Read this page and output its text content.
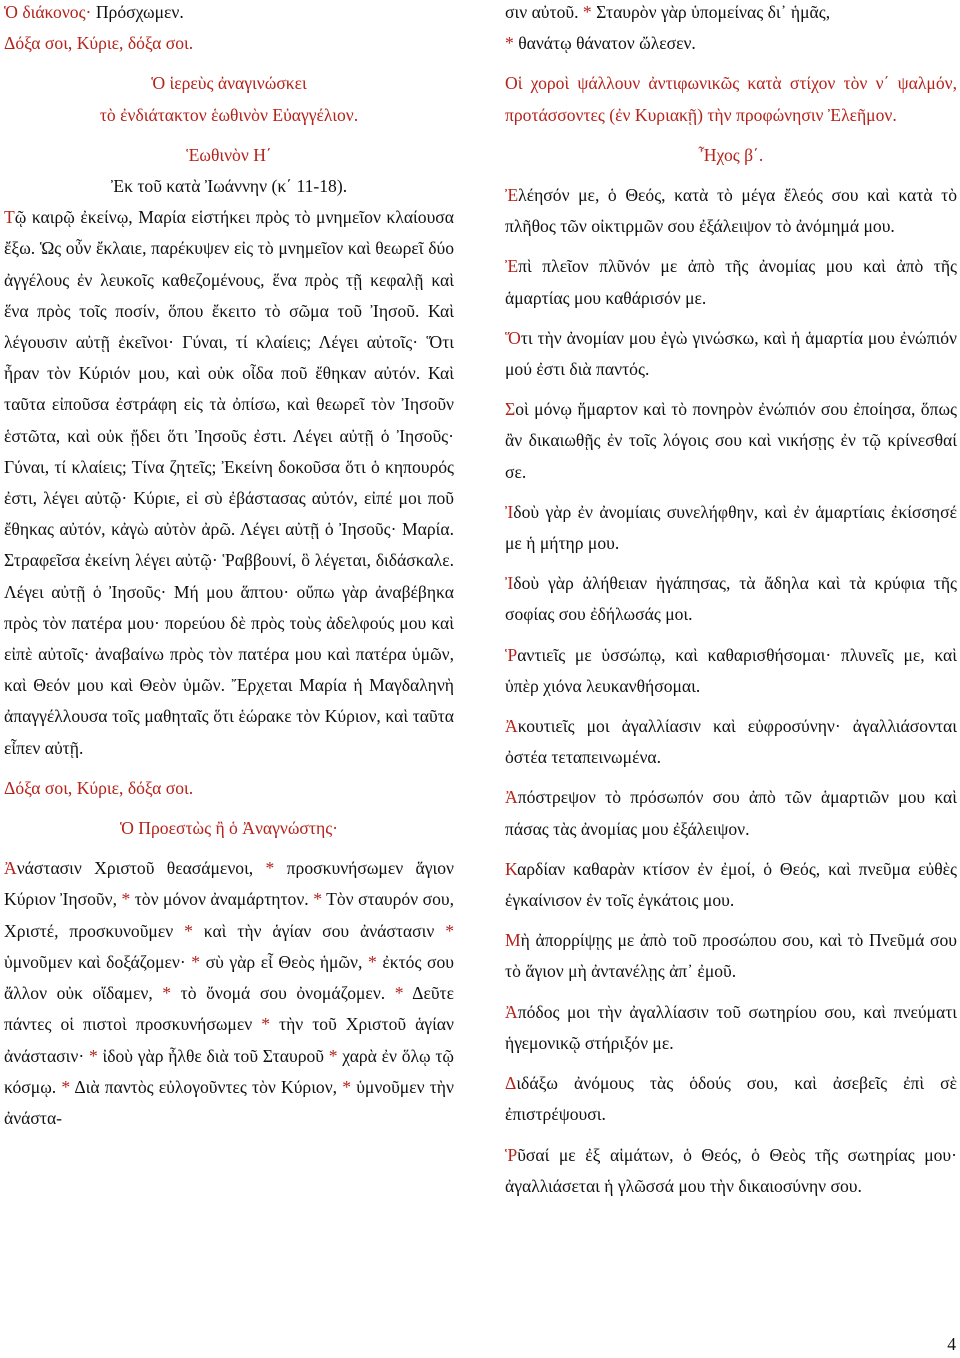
Ὁ διάκονος· Πρόσχωμεν.

Δόξα σοι, Κύριε, δόξα σοι.

Ὁ ἱερεὺς ἀναγινώσκει

τὸ ἐνδιάτακτον ἑωθινὸν Εὐαγγέλιον.

Ἑωθινὸν Η΄

Ἐκ τοῦ κατὰ Ἰωάννην (κ΄ 11-18).

Τῷ καιρῷ ἐκείνῳ, Μαρία εἱστήκει πρὸς τὸ μνημεῖον κλαίουσα ἔξω. Ὡς οὖν ἔκλαιε, παρέκυψεν εἰς τὸ μνημεῖον καὶ θεωρεῖ δύο ἀγγέλους ἐν λευκοῖς καθεζομένους, ἕνα πρὸς τῇ κεφαλῇ καὶ ἕνα πρὸς τοῖς ποσίν, ὅπου ἔκειτο τὸ σῶμα τοῦ Ἰησοῦ. Καὶ λέγουσιν αὐτῇ ἐκεῖνοι· Γύναι, τί κλαίεις; Λέγει αὐτοῖς· Ὅτι ἦραν τὸν Κύριόν μου, καὶ οὐκ οἶδα ποῦ ἔθηκαν αὐτόν. Καὶ ταῦτα εἰποῦσα ἐστράφη εἰς τὰ ὀπίσω, καὶ θεωρεῖ τὸν Ἰησοῦν ἑστῶτα, καὶ οὐκ ᾔδει ὅτι Ἰησοῦς ἐστι. Λέγει αὐτῇ ὁ Ἰησοῦς· Γύναι, τί κλαίεις; Τίνα ζητεῖς; Ἐκείνη δοκοῦσα ὅτι ὁ κηπουρός ἐστι, λέγει αὐτῷ· Κύριε, εἰ σὺ ἐβάστασας αὐτόν, εἰπέ μοι ποῦ ἔθηκας αὐτόν, κἀγὼ αὐτὸν ἀρῶ. Λέγει αὐτῇ ὁ Ἰησοῦς· Μαρία. Στραφεῖσα ἐκείνη λέγει αὐτῷ· Ῥαββουνί, ὃ λέγεται, διδάσκαλε. Λέγει αὐτῇ ὁ Ἰησοῦς· Μή μου ἅπτου· οὔπω γὰρ ἀναβέβηκα πρὸς τὸν πατέρα μου· πορεύου δὲ πρὸς τοὺς ἀδελφούς μου καὶ εἰπὲ αὐτοῖς· ἀναβαίνω πρὸς τὸν πατέρα μου καὶ πατέρα ὑμῶν, καὶ Θεόν μου καὶ Θεὸν ὑμῶν. Ἔρχεται Μαρία ἡ Μαγδαληνὴ ἀπαγγέλλουσα τοῖς μαθηταῖς ὅτι ἑώρακε τὸν Κύριον, καὶ ταῦτα εἶπεν αὐτῇ.

Δόξα σοι, Κύριε, δόξα σοι.

Ὁ Προεστὼς ἢ ὁ Ἀναγνώστης·

Ἀνάστασιν Χριστοῦ θεασάμενοι, * προσκυνήσωμεν ἅγιον Κύριον Ἰησοῦν, * τὸν μόνον ἀναμάρτητον. * Τὸν σταυρόν σου, Χριστέ, προσκυνοῦμεν * καὶ τὴν ἁγίαν σου ἀνάστασιν * ὑμνοῦμεν καὶ δοξάζομεν· * σὺ γὰρ εἶ Θεὸς ἡμῶν, * ἐκτός σου ἄλλον οὐκ οἴδαμεν, * τὸ ὄνομά σου ὀνομάζομεν. * Δεῦτε πάντες οἱ πιστοὶ προσκυνήσωμεν * τὴν τοῦ Χριστοῦ ἁγίαν ἀνάστασιν· * ἰδοὺ γὰρ ἦλθε διὰ τοῦ Σταυροῦ * χαρὰ ἐν ὅλῳ τῷ κόσμῳ. * Διὰ παντὸς εὐλογοῦντες τὸν Κύριον, * ὑμνοῦμεν τὴν ἀνάστα-

σιν αὐτοῦ. * Σταυρὸν γὰρ ὑπομείνας δι᾽ ἡμᾶς,
* θανάτῳ θάνατον ὤλεσεν.

Οἱ χοροὶ ψάλλουν ἀντιφωνικῶς κατὰ στίχον τὸν ν΄ ψαλμόν, προτάσσοντες (ἐν Κυριακῇ) τὴν προφώνησιν Ἐλεῆμον.

Ἦχος β΄.

Ἐλέησόν με, ὁ Θεός, κατὰ τὸ μέγα ἔλεός σου καὶ κατὰ τὸ πλῆθος τῶν οἰκτιρμῶν σου ἐξάλειψον τὸ ἀνόμημά μου.

Ἐπὶ πλεῖον πλῦνόν με ἀπὸ τῆς ἀνομίας μου καὶ ἀπὸ τῆς ἁμαρτίας μου καθάρισόν με.

Ὅτι τὴν ἀνομίαν μου ἐγὼ γινώσκω, καὶ ἡ ἁμαρτία μου ἐνώπιόν μού ἐστι διὰ παντός.

Σοὶ μόνῳ ἥμαρτον καὶ τὸ πονηρὸν ἐνώπιόν σου ἐποίησα, ὅπως ἂν δικαιωθῇς ἐν τοῖς λόγοις σου καὶ νικήσῃς ἐν τῷ κρίνεσθαί σε.

Ἰδοὺ γὰρ ἐν ἀνομίαις συνελήφθην, καὶ ἐν ἁμαρτίαις ἐκίσσησέ με ἡ μήτηρ μου.

Ἰδοὺ γὰρ ἀλήθειαν ἠγάπησας, τὰ ἄδηλα καὶ τὰ κρύφια τῆς σοφίας σου ἐδήλωσάς μοι.

Ῥαντιεῖς με ὑσσώπῳ, καὶ καθαρισθήσομαι· πλυνεῖς με, καὶ ὑπὲρ χιόνα λευκανθήσομαι.

Ἀκουτιεῖς μοι ἀγαλλίασιν καὶ εὐφροσύνην· ἀγαλλιάσονται ὀστέα τεταπεινωμένα.

Ἀπόστρεψον τὸ πρόσωπόν σου ἀπὸ τῶν ἁμαρτιῶν μου καὶ πάσας τὰς ἀνομίας μου ἐξάλειψον.

Καρδίαν καθαρὰν κτίσον ἐν ἐμοί, ὁ Θεός, καὶ πνεῦμα εὐθὲς ἐγκαίνισον ἐν τοῖς ἐγκάτοις μου.

Μὴ ἀπορρίψῃς με ἀπὸ τοῦ προσώπου σου, καὶ τὸ Πνεῦμά σου τὸ ἅγιον μὴ ἀντανέλῃς ἀπ᾽ ἐμοῦ.

Ἀπόδος μοι τὴν ἀγαλλίασιν τοῦ σωτηρίου σου, καὶ πνεύματι ἡγεμονικῷ στήριξόν με.

Διδάξω ἀνόμους τὰς ὁδούς σου, καὶ ἀσεβεῖς ἐπὶ σὲ ἐπιστρέψουσι.

Ῥῦσαί με ἐξ αἱμάτων, ὁ Θεός, ὁ Θεὸς τῆς σωτηρίας μου· ἀγαλλιάσεται ἡ γλῶσσά μου τὴν δικαιοσύνην σου.

4
